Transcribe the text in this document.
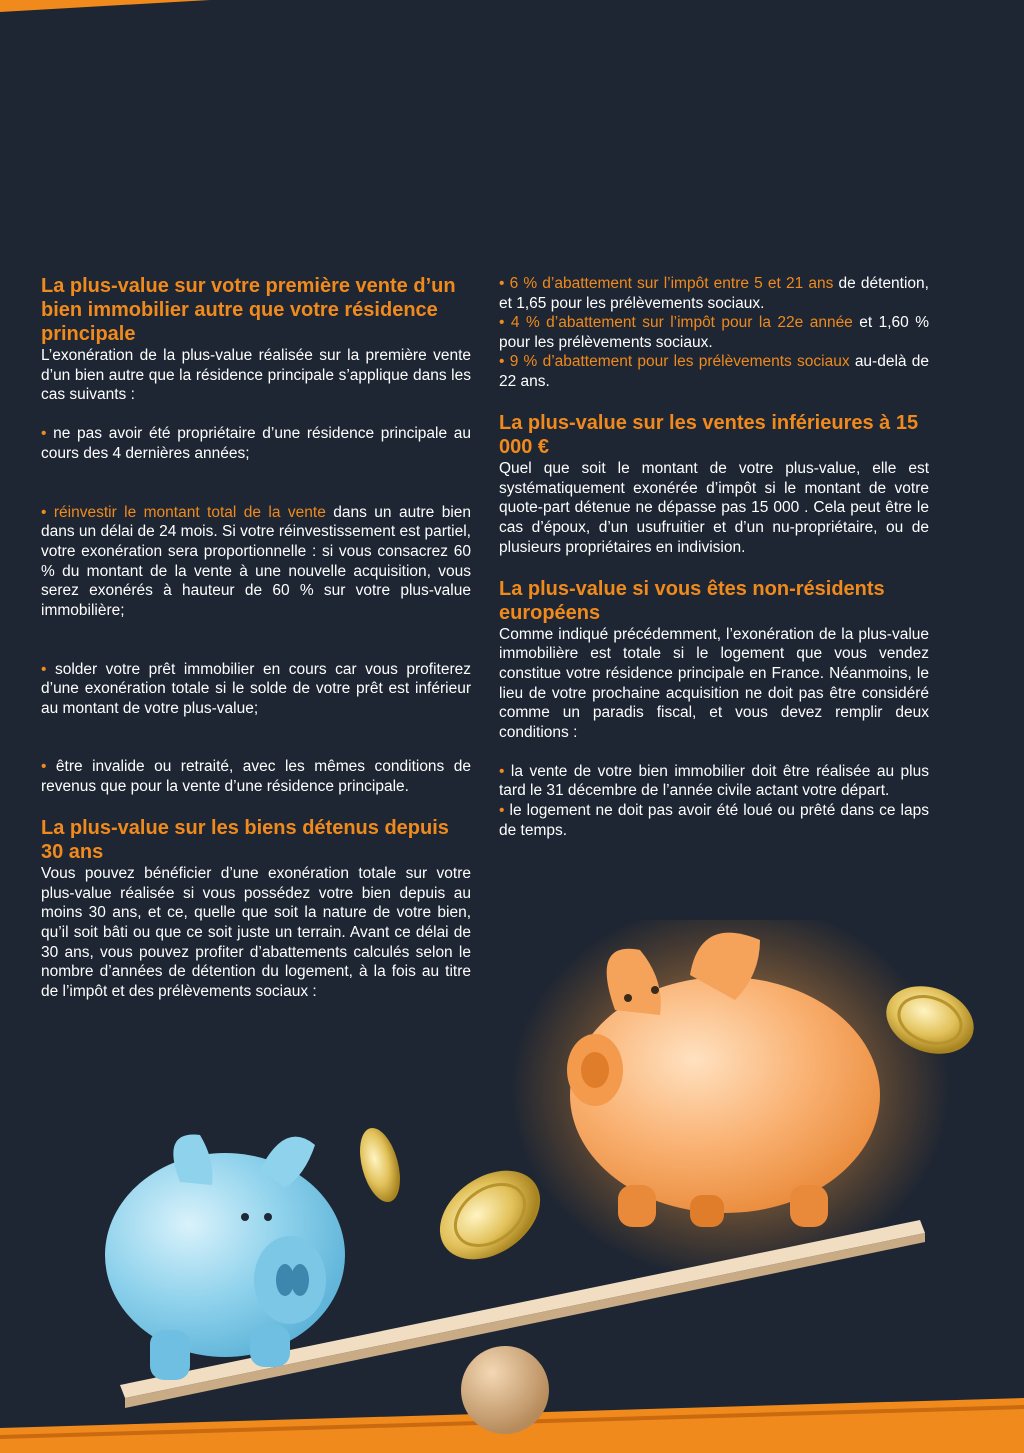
La plus-value sur votre première vente d’un bien immobilier autre que votre résidence principale

L’exonération de la plus-value réalisée sur la première vente d’un bien autre que la résidence principale s’applique dans les cas suivants :

• ne pas avoir été propriétaire d’une résidence principale au cours des 4 dernières années;

• réinvestir le montant total de la vente dans un autre bien dans un délai de 24 mois. Si votre réinvestissement est partiel, votre exonération sera proportionnelle : si vous consacrez 60 % du montant de la vente à une nouvelle acquisition, vous serez exonérés à hauteur de 60 % sur votre plus-value immobilière;

• solder votre prêt immobilier en cours car vous profiterez d’une exonération totale si le solde de votre prêt est inférieur au montant de votre plus-value;

• être invalide ou retraité, avec les mêmes conditions de revenus que pour la vente d’une résidence principale.

La plus-value sur les biens détenus depuis 30 ans

Vous pouvez bénéficier d’une exonération totale sur votre plus-value réalisée si vous possédez votre bien depuis au moins 30 ans, et ce, quelle que soit la nature de votre bien, qu’il soit bâti ou que ce soit juste un terrain. Avant ce délai de 30 ans, vous pouvez profiter d’abattements calculés selon le nombre d’années de détention du logement, à la fois au titre de l’impôt et des prélèvements sociaux :

• 6 % d’abattement sur l’impôt entre 5 et 21 ans de détention, et 1,65 pour les prélèvements sociaux.

• 4 % d’abattement sur l’impôt pour la 22e année et 1,60 % pour les prélèvements sociaux.

• 9 % d’abattement pour les prélèvements sociaux au-delà de 22 ans.

La plus-value sur les ventes inférieures à 15 000 €

Quel que soit le montant de votre plus-value, elle est systématiquement exonérée d’impôt si le montant de votre quote-part détenue ne dépasse pas 15 000 . Cela peut être le cas d’époux, d’un usufruitier et d’un nu-propriétaire, ou de plusieurs propriétaires en indivision.

La plus-value si vous êtes non-résidents européens

Comme indiqué précédemment, l’exonération de la plus-value immobilière est totale si le logement que vous vendez constitue votre résidence principale en France. Néanmoins, le lieu de votre prochaine acquisition ne doit pas être considéré comme un paradis fiscal, et vous devez remplir deux conditions :

• la vente de votre bien immobilier doit être réalisée au plus tard le 31 décembre de l’année civile actant votre départ.

• le logement ne doit pas avoir été loué ou prêté dans ce laps de temps.
